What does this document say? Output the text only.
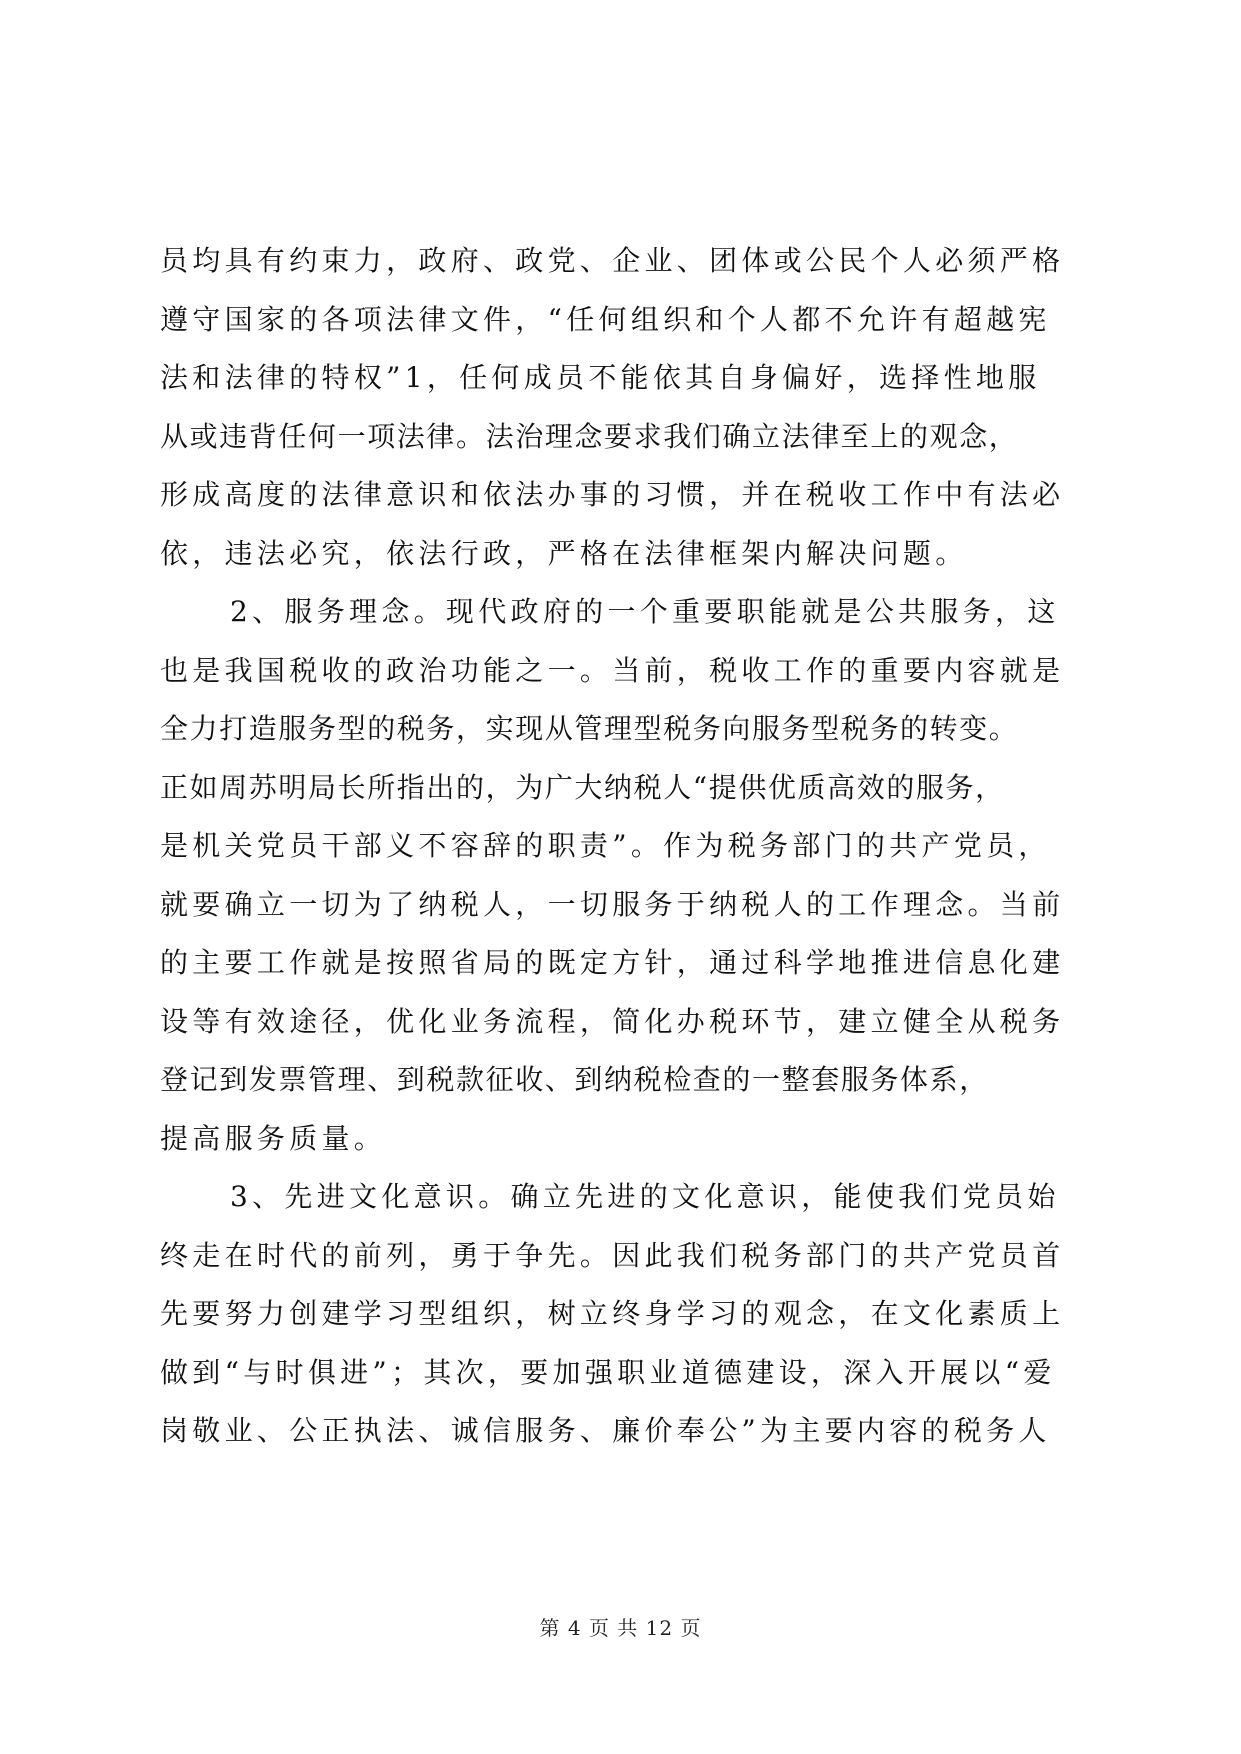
员均具有约束力，政府、政党、企业、团体或公民个人必须严格
遵守国家的各项法律文件，“任何组织和个人都不允许有超越宪
法和法律的特权”1，任何成员不能依其自身偏好，选择性地服
从或违背任何一项法律。法治理念要求我们确立法律至上的观念，
形成高度的法律意识和依法办事的习惯，并在税收工作中有法必
依，违法必究，依法行政，严格在法律框架内解决问题。
2、服务理念。现代政府的一个重要职能就是公共服务，这
也是我国税收的政治功能之一。当前，税收工作的重要内容就是
全力打造服务型的税务，实现从管理型税务向服务型税务的转变。
正如周苏明局长所指出的，为广大纳税人“提供优质高效的服务，
是机关党员干部义不容辞的职责”。作为税务部门的共产党员，
就要确立一切为了纳税人，一切服务于纳税人的工作理念。当前
的主要工作就是按照省局的既定方针，通过科学地推进信息化建
设等有效途径，优化业务流程，简化办税环节，建立健全从税务
登记到发票管理、到税款征收、到纳税检查的一整套服务体系，
提高服务质量。
3、先进文化意识。确立先进的文化意识，能使我们党员始
终走在时代的前列，勇于争先。因此我们税务部门的共产党员首
先要努力创建学习型组织，树立终身学习的观念，在文化素质上
做到“与时俱进”；其次，要加强职业道德建设，深入开展以“爱
岗敬业、公正执法、诚信服务、廉价奉公”为主要内容的税务人
第 4 页 共 12 页
